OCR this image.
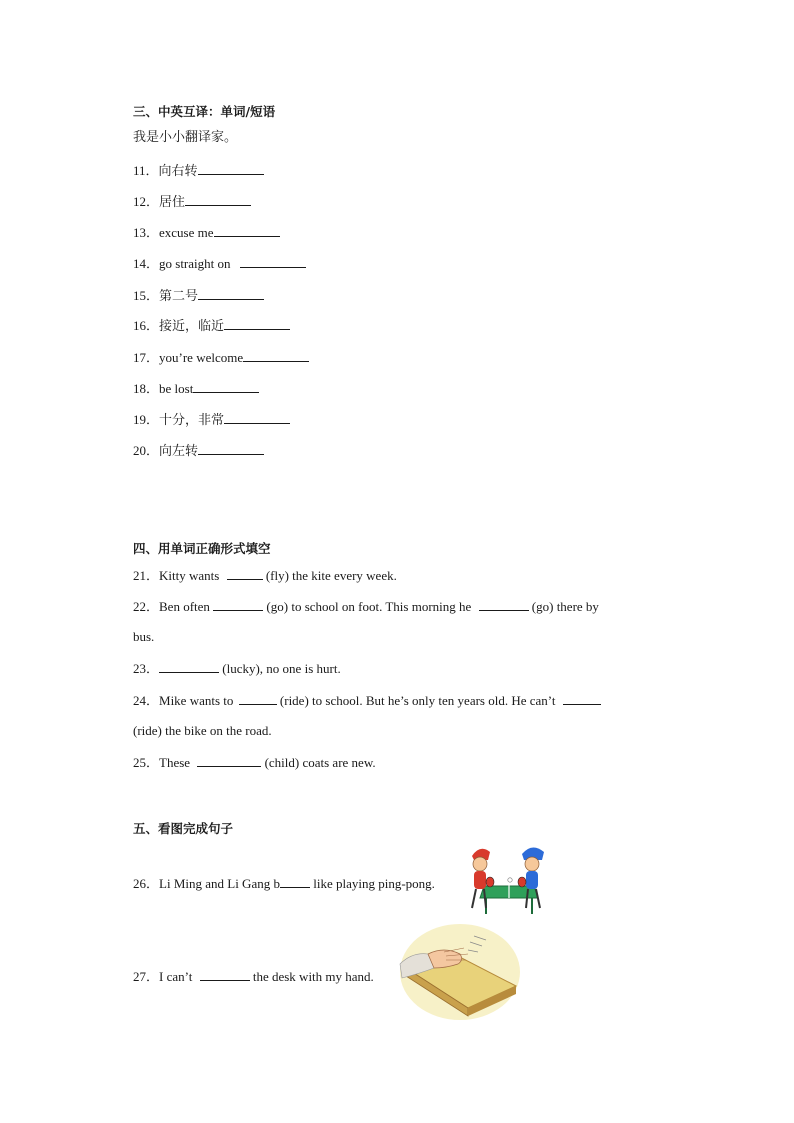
三、中英互译：单词/短语
我是小小翻译家。
11．向右转
12．居住
13．excuse me
14．go straight on
15．第二号
16．接近，临近
17．you’re welcome
18．be lost
19．十分，非常
20．向左转
四、用单词正确形式填空
21．Kitty wants	(fly) the kite every week.
22．Ben often	(go) to school on foot. This morning he	(go) there by
bus.
23．	(lucky), no one is hurt.
24．Mike wants to	(ride) to school. But he’s only ten years old. He can’t
(ride) the bike on the road.
25．These	(child) coats are new.
五、看图完成句子
26．Li Ming and Li Gang b like playing ping-pong.
27．I can’t	the desk with my hand.
